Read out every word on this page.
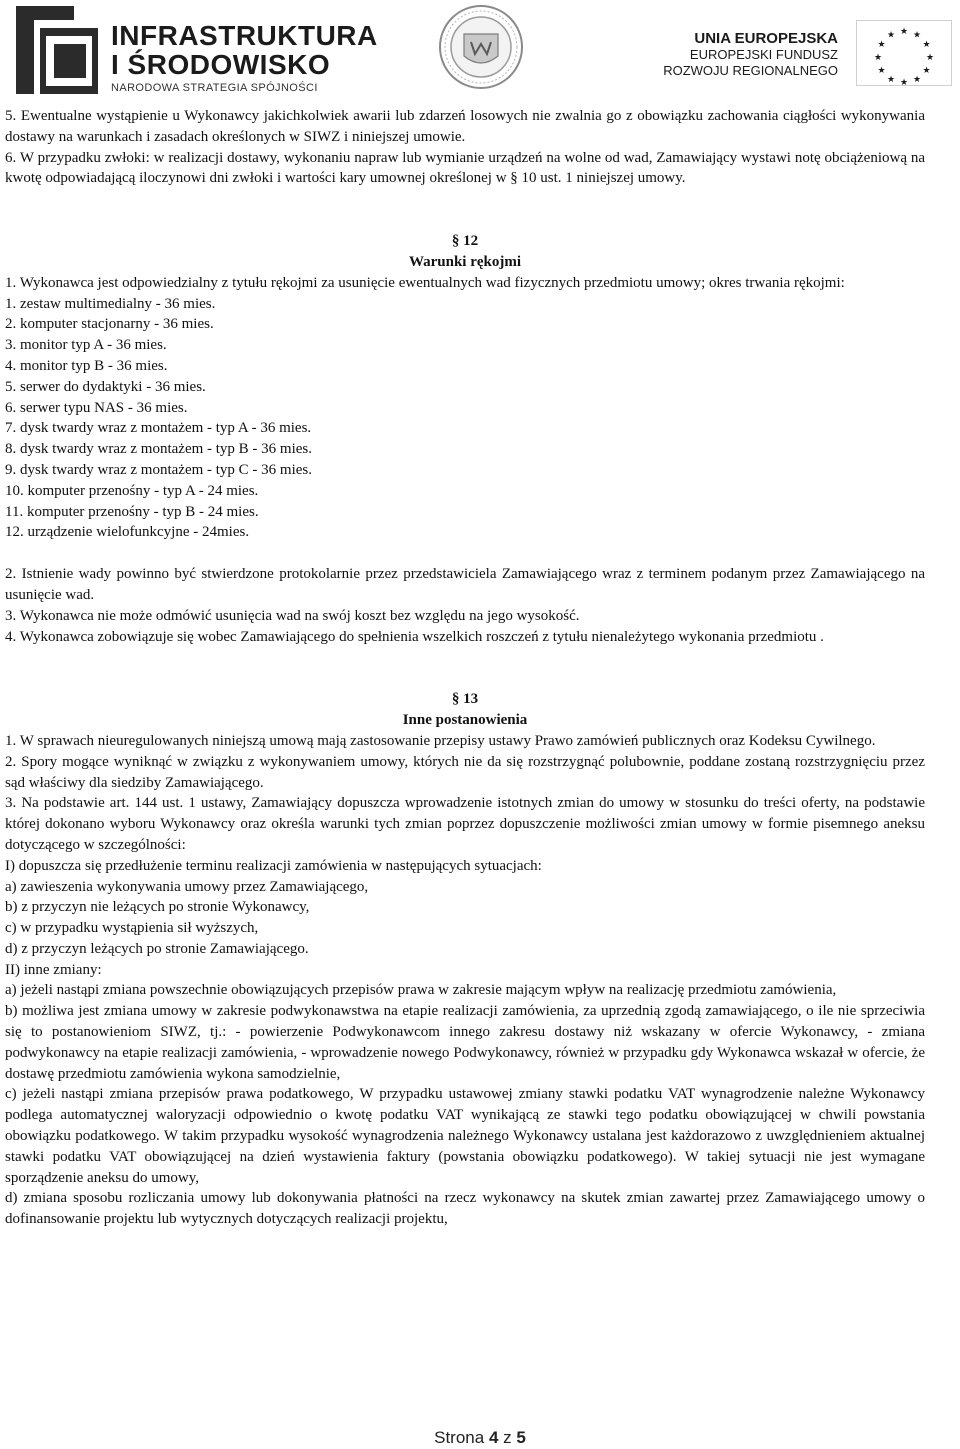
INFRASTRUKTURA
I ŚRODOWISKO
NARODOWA STRATEGIA SPÓJNOŚCI
UNIA EUROPEJSKA
EUROPEJSKI FUNDUSZ
ROZWOJU REGIONALNEGO
★ ★
★
★
★
★
★
★
★
★
★
★

5. Ewentualne wystąpienie u Wykonawcy jakichkolwiek awarii lub zdarzeń losowych nie zwalnia go z obowiązku zachowania ciągłości wykonywania dostawy na warunkach i zasadach określonych w SIWZ i niniejszej umowie.

6. W przypadku zwłoki: w realizacji dostawy, wykonaniu napraw lub wymianie urządzeń na wolne od wad, Zamawiający wystawi notę obciążeniową na kwotę odpowiadającą iloczynowi dni zwłoki i wartości kary umownej określonej w § 10 ust. 1 niniejszej umowy.

§ 12

Warunki rękojmi

1. Wykonawca jest odpowiedzialny z tytułu rękojmi za usunięcie ewentualnych wad fizycznych przedmiotu umowy; okres trwania rękojmi:

1. zestaw multimedialny - 36 mies.

2. komputer stacjonarny - 36 mies.

3. monitor typ A - 36 mies.

4. monitor typ B - 36 mies.

5. serwer do dydaktyki - 36 mies.

6. serwer typu NAS - 36 mies.

7. dysk twardy wraz z montażem - typ A - 36 mies.

8. dysk twardy wraz z montażem - typ B - 36 mies.

9. dysk twardy wraz z montażem - typ C - 36 mies.

10. komputer przenośny - typ A - 24 mies.

11. komputer przenośny - typ B - 24 mies.

12. urządzenie wielofunkcyjne - 24mies.

2. Istnienie wady powinno być stwierdzone protokolarnie przez przedstawiciela Zamawiającego wraz z terminem podanym przez Zamawiającego na usunięcie wad.

3. Wykonawca nie może odmówić usunięcia wad na swój koszt bez względu na jego wysokość.

4. Wykonawca zobowiązuje się wobec Zamawiającego do spełnienia wszelkich roszczeń z tytułu nienależytego wykonania przedmiotu .

§ 13

Inne postanowienia

1. W sprawach nieuregulowanych niniejszą umową mają zastosowanie przepisy ustawy Prawo zamówień publicznych oraz Kodeksu Cywilnego.

2. Spory mogące wyniknąć w związku z wykonywaniem umowy, których nie da się rozstrzygnąć polubownie, poddane zostaną rozstrzygnięciu przez sąd właściwy dla siedziby Zamawiającego.

3. Na podstawie art. 144 ust. 1 ustawy, Zamawiający dopuszcza wprowadzenie istotnych zmian do umowy w stosunku do treści oferty, na podstawie której dokonano wyboru Wykonawcy oraz określa warunki tych zmian poprzez dopuszczenie możliwości zmian umowy w formie pisemnego aneksu dotyczącego w szczególności:

I) dopuszcza się przedłużenie terminu realizacji zamówienia w następujących sytuacjach:

a) zawieszenia wykonywania umowy przez Zamawiającego,

b) z przyczyn nie leżących po stronie Wykonawcy,

c) w przypadku wystąpienia sił wyższych,

d) z przyczyn leżących po stronie Zamawiającego.

II) inne zmiany:

a) jeżeli nastąpi zmiana powszechnie obowiązujących przepisów prawa w zakresie mającym wpływ na realizację przedmiotu zamówienia,

b) możliwa jest zmiana umowy w zakresie podwykonawstwa na etapie realizacji zamówienia, za uprzednią zgodą zamawiającego, o ile nie sprzeciwia się to postanowieniom SIWZ, tj.: - powierzenie Podwykonawcom innego zakresu dostawy niż wskazany w ofercie Wykonawcy, - zmiana podwykonawcy na etapie realizacji zamówienia, - wprowadzenie nowego Podwykonawcy, również w przypadku gdy Wykonawca wskazał w ofercie, że dostawę przedmiotu zamówienia wykona samodzielnie,

c) jeżeli nastąpi zmiana przepisów prawa podatkowego, W przypadku ustawowej zmiany stawki podatku VAT wynagrodzenie należne Wykonawcy podlega automatycznej waloryzacji odpowiednio o kwotę podatku VAT wynikającą ze stawki tego podatku obowiązującej w chwili powstania obowiązku podatkowego. W takim przypadku wysokość wynagrodzenia należnego Wykonawcy ustalana jest każdorazowo z uwzględnieniem aktualnej stawki podatku VAT obowiązującej na dzień wystawienia faktury (powstania obowiązku podatkowego). W takiej sytuacji nie jest wymagane sporządzenie aneksu do umowy,

d) zmiana sposobu rozliczania umowy lub dokonywania płatności na rzecz wykonawcy na skutek zmian zawartej przez Zamawiającego umowy o dofinansowanie projektu lub wytycznych dotyczących realizacji projektu,

Strona 4 z 5
